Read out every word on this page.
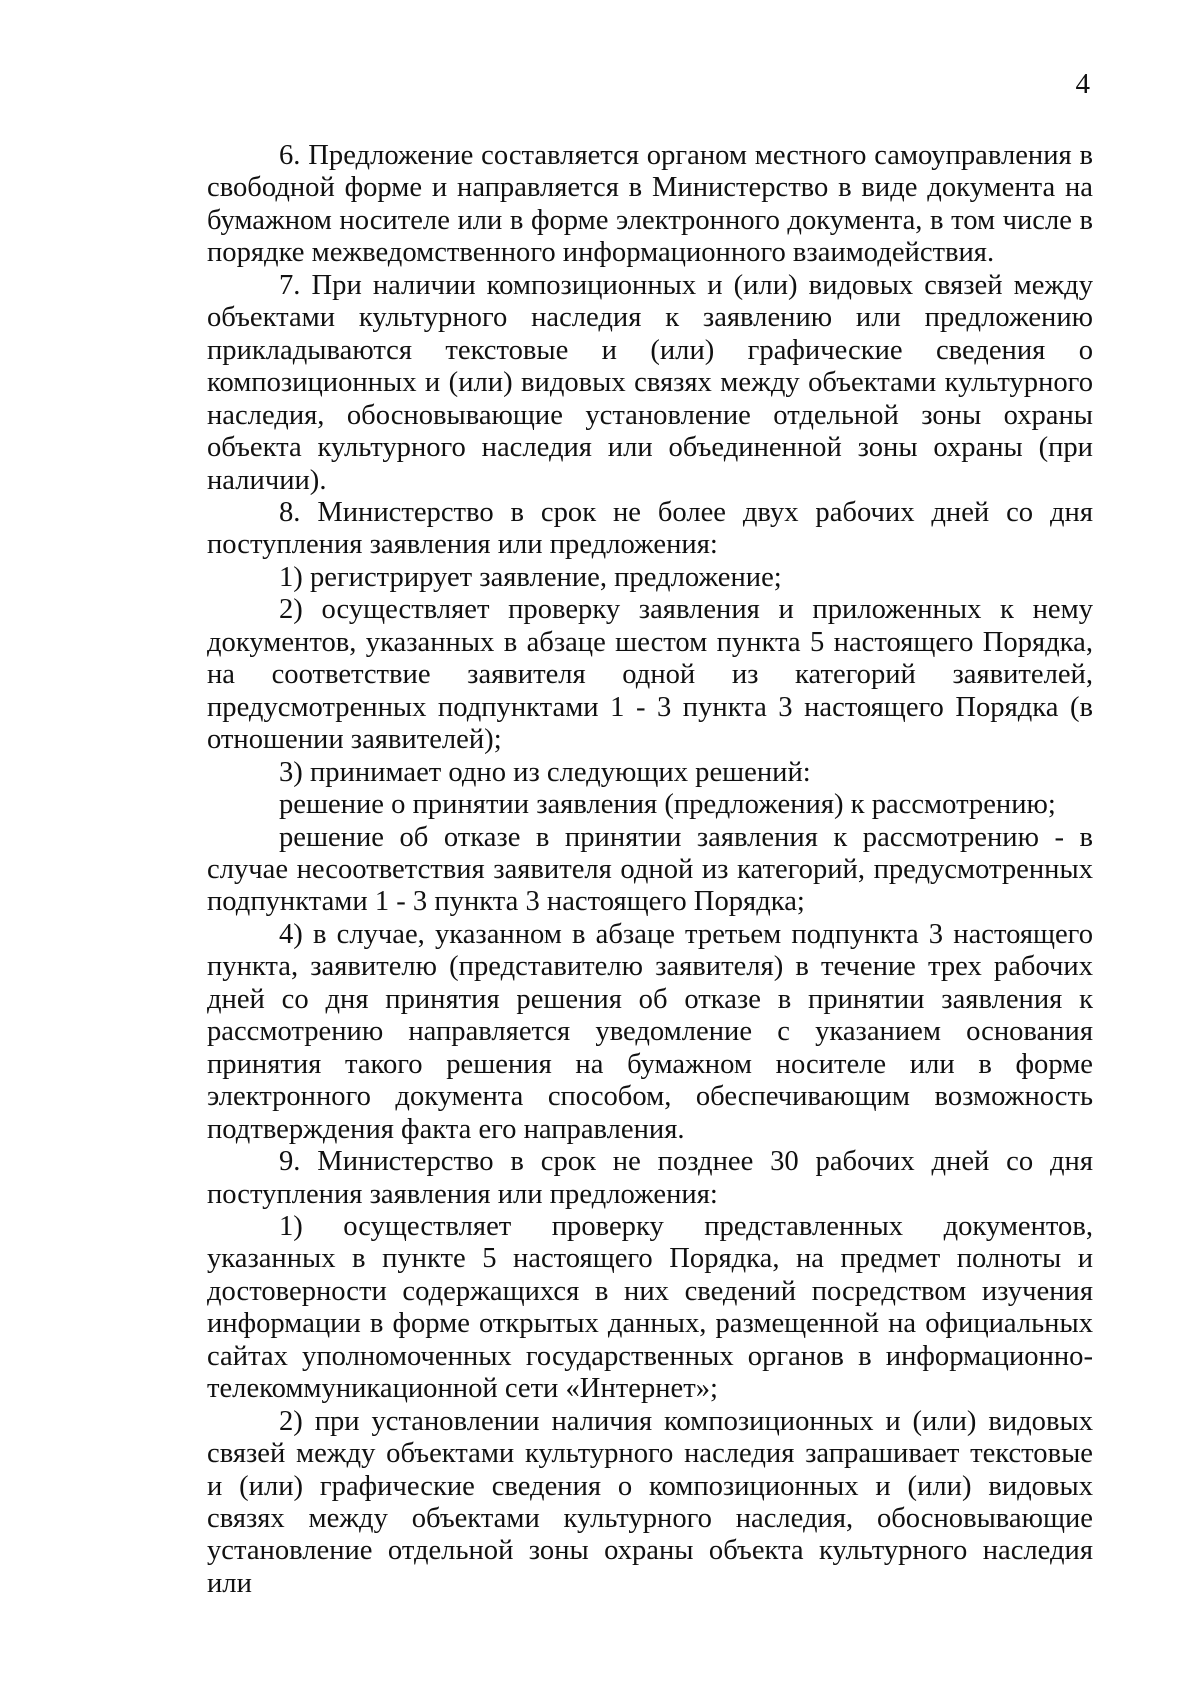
4

6. Предложение составляется органом местного самоуправления в свободной форме и направляется в Министерство в виде документа на бумажном носителе или в форме электронного документа, в том числе в порядке межведомственного информационного взаимодействия.

7. При наличии композиционных и (или) видовых связей между объектами культурного наследия к заявлению или предложению прикладываются текстовые и (или) графические сведения о композиционных и (или) видовых связях между объектами культурного наследия, обосновывающие установление отдельной зоны охраны объекта культурного наследия или объединенной зоны охраны (при наличии).

8. Министерство в срок не более двух рабочих дней со дня поступления заявления или предложения:

1) регистрирует заявление, предложение;

2) осуществляет проверку заявления и приложенных к нему документов, указанных в абзаце шестом пункта 5 настоящего Порядка, на соответствие заявителя одной из категорий заявителей, предусмотренных подпунктами 1 - 3 пункта 3 настоящего Порядка (в отношении заявителей);

3) принимает одно из следующих решений:

решение о принятии заявления (предложения) к рассмотрению;

решение об отказе в принятии заявления к рассмотрению - в случае несоответствия заявителя одной из категорий, предусмотренных подпунктами 1 - 3 пункта 3 настоящего Порядка;

4) в случае, указанном в абзаце третьем подпункта 3 настоящего пункта, заявителю (представителю заявителя) в течение трех рабочих дней со дня принятия решения об отказе в принятии заявления к рассмотрению направляется уведомление с указанием основания принятия такого решения на бумажном носителе или в форме электронного документа способом, обеспечивающим возможность подтверждения факта его направления.

9. Министерство в срок не позднее 30 рабочих дней со дня поступления заявления или предложения:

1) осуществляет проверку представленных документов, указанных в пункте 5 настоящего Порядка, на предмет полноты и достоверности содержащихся в них сведений посредством изучения информации в форме открытых данных, размещенной на официальных сайтах уполномоченных государственных органов в информационно-телекоммуникационной сети «Интернет»;

2) при установлении наличия композиционных и (или) видовых связей между объектами культурного наследия запрашивает текстовые и (или) графические сведения о композиционных и (или) видовых связях между объектами культурного наследия, обосновывающие установление отдельной зоны охраны объекта культурного наследия или
